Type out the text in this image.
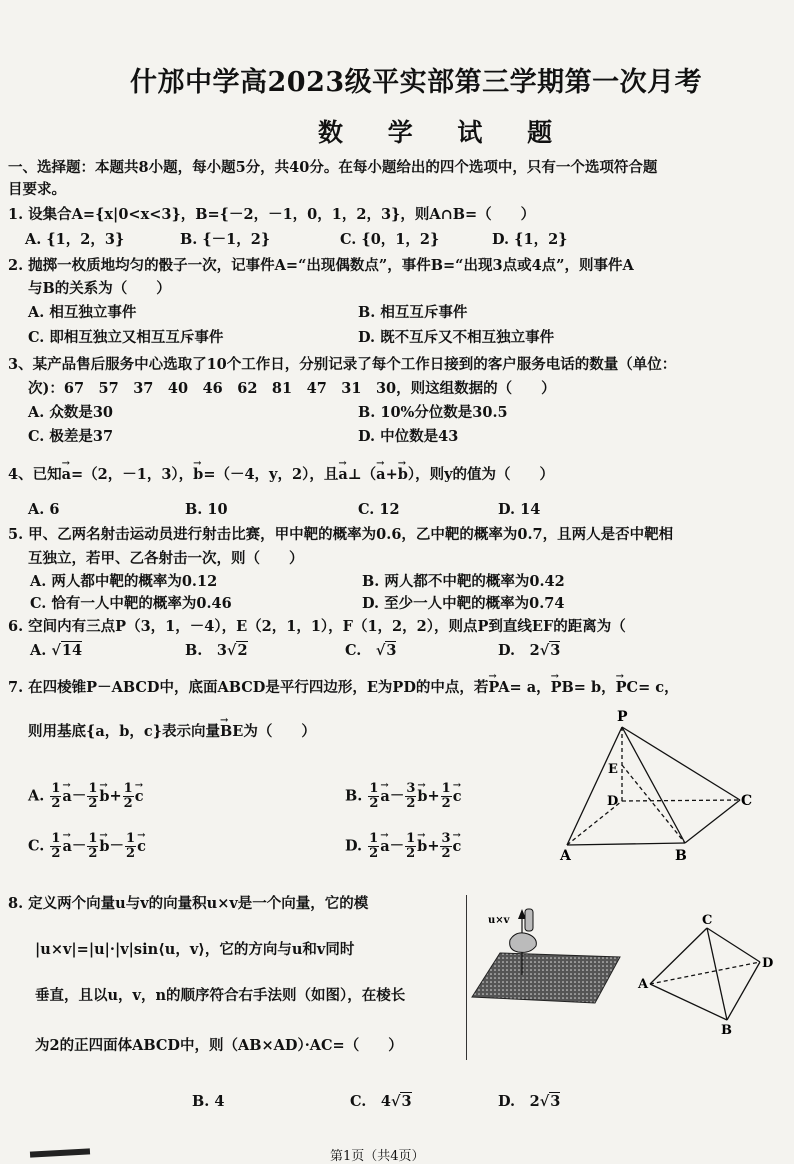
什邡中学高2023级平实部第三学期第一次月考
数 学 试 题
一、选择题：本题共8小题，每小题5分，共40分。在每小题给出的四个选项中，只有一个选项符合题
目要求。
1. 设集合A={x|0<x<3}，B={－2，－1，0，1，2，3}，则A∩B=（　　）
A. {1，2，3}	B. {－1，2}	C. {0，1，2}	D. {1，2}
2. 抛掷一枚质地均匀的骰子一次，记事件A=“出现偶数点”，事件B=“出现3点或4点”，则事件A
与B的关系为（　　）
A. 相互独立事件	B. 相互互斥事件
C. 即相互独立又相互互斥事件	D. 既不互斥又不相互独立事件
3、某产品售后服务中心选取了10个工作日，分别记录了每个工作日接到的客户服务电话的数量（单位：
次)：67　57　37　40　46　62　81　47　31　30，则这组数据的（　　）
A. 众数是30	B. 10%分位数是30.5
C. 极差是37	D. 中位数是43
4、已知a →=（2，－1，3），b →=（－4，y，2），且a →⊥（a →+b →），则y的值为（　　）
A. 6	B. 10	C. 12	D. 14
5. 甲、乙两名射击运动员进行射击比赛，甲中靶的概率为0.6，乙中靶的概率为0.7，且两人是否中靶相
互独立，若甲、乙各射击一次，则（　　）
A. 两人都中靶的概率为0.12	B. 两人都不中靶的概率为0.42
C. 恰有一人中靶的概率为0.46	D. 至少一人中靶的概率为0.74
6. 空间内有三点P（3，1，－4），E（2，1，1），F（1，2，2），则点P到直线EF的距离为（
A. √14	B.　 3√2	C.　√3	D.　 2√3
7. 在四棱锥P－ABCD中，底面ABCD是平行四边形，E为PD的中点，若PA →= a，PB →= b，PC →= c，
则用基底{a，b，c}表示向量BE →为（　　）
A. $\frac{1}{2}$ $a \to- \frac{1}{2}$ $b \to+ \frac{1}{2}$ c →	B. $\frac{1}{2}$ $a \to- \frac{3}{2}$ $b \to+ \frac{1}{2}$ c →
C. $\frac{1}{2}$ $a \to- \frac{1}{2}$ $b \to- \frac{1}{2}$ c →	D. $\frac{1}{2}$ $a \to- \frac{1}{2}$ $b \to+ \frac{3}{2}$ c →
P
E
D	C
A	B
8. 定义两个向量u与v的向量积u×v是一个向量，它的模
|u×v|=|u|·|v|sin⟨u，v⟩，它的方向与u和v同时
垂直，且以u，v，n的顺序符合右手法则（如图），在棱长
为2的正四面体ABCD中，则（AB×AD）·AC=（　　）
u×v	C
A
D
B
B. 4	C.　 4√3	D.　 2√3
第1页（共4页）
